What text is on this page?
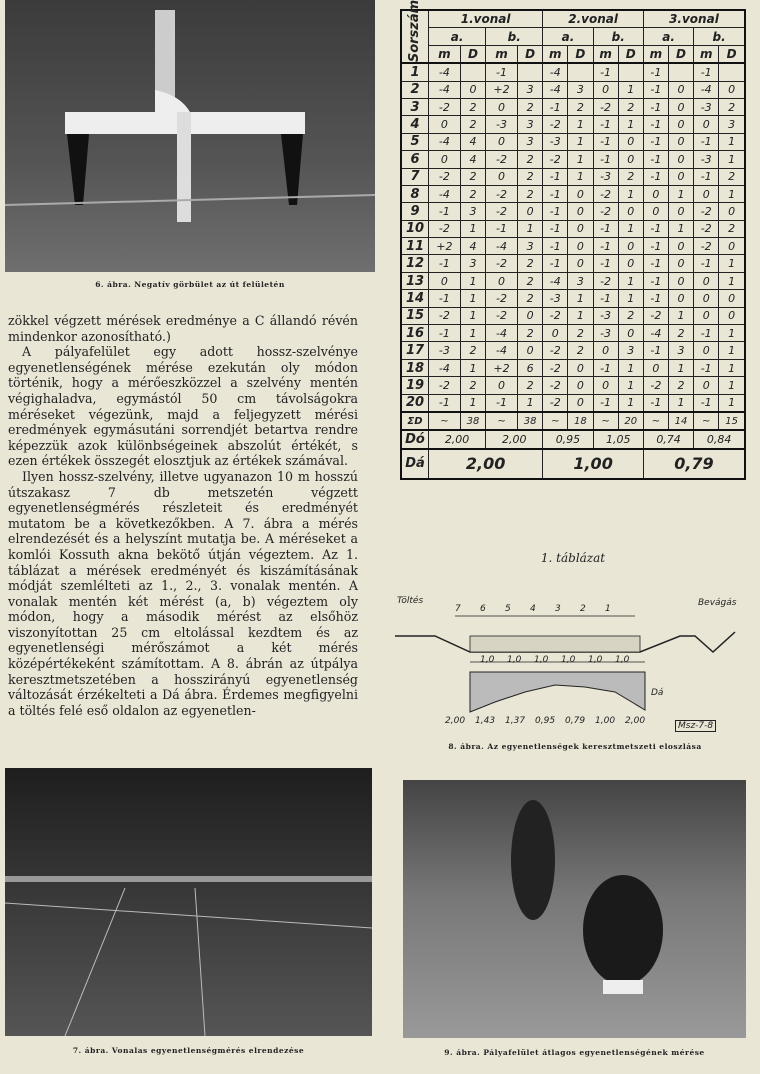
6. ábra. Negatív görbület az út felületén

zökkel végzett mérések eredménye a C állandó révén mindenkor azonosítható.)

A pályafelület egy adott hossz-szelvénye egyenetlenségének mérése ezekután oly módon történik, hogy a mérőeszközzel a szelvény mentén végighaladva, egymástól 50 cm távolságokra méréseket végezünk, majd a feljegyzett mérési eredmények egymásutáni sorrendjét betartva rendre képezzük azok különbségeinek abszolút értékét, s ezen értékek összegét elosztjuk az értékek számával.

Ilyen hossz-szelvény, illetve ugyanazon 10 m hosszú útszakasz 7 db metszetén végzett egyenetlenségmérés részleteit és eredményét mutatom be a következőkben. A 7. ábra a mérés elrendezését és a helyszínt mutatja be. A méréseket a komlói Kossuth akna bekötő útján végeztem. Az 1. táblázat a mérések eredményét és kiszámításának módját szemlélteti az 1., 2., 3. vonalak mentén. A vonalak mentén két mérést (a, b) végeztem oly módon, hogy a második mérést az elsőhöz viszonyítottan 25 cm eltolással kezdtem és az egyenetlenségi mérőszámot a két mérés középértékeként számítottam. A 8. ábrán az útpálya keresztmetszetében a hosszirányú egyenetlenség változását érzékelteti a Dá ábra. Érdemes megfigyelni a töltés felé eső oldalon az egyenetlen-

Sorszám	1.vonal				2.vonal				3.vonal			
	a.		b.		a.		b.		a.		b.	
	m	D	m	D	m	D	m	D	m	D	m	D
1	-4		-1		-4		-1		-1		-1	
2	-4	0	+2	3	-4	3	0	1	-1	0	-4	0
3	-2	2	0	2	-1	2	-2	2	-1	0	-3	2
4	0	2	-3	3	-2	1	-1	1	-1	0	0	3
5	-4	4	0	3	-3	1	-1	0	-1	0	-1	1
6	0	4	-2	2	-2	1	-1	0	-1	0	-3	1
7	-2	2	0	2	-1	1	-3	2	-1	0	-1	2
8	-4	2	-2	2	-1	0	-2	1	0	1	0	1
9	-1	3	-2	0	-1	0	-2	0	0	0	-2	0
10	-2	1	-1	1	-1	0	-1	1	-1	1	-2	2
11	+2	4	-4	3	-1	0	-1	0	-1	0	-2	0
12	-1	3	-2	2	-1	0	-1	0	-1	0	-1	1
13	0	1	0	2	-4	3	-2	1	-1	0	0	1
14	-1	1	-2	2	-3	1	-1	1	-1	0	0	0
15	-2	1	-2	0	-2	1	-3	2	-2	1	0	0
16	-1	1	-4	2	0	2	-3	0	-4	2	-1	1
17	-3	2	-4	0	-2	2	0	3	-1	3	0	1
18	-4	1	+2	6	-2	0	-1	1	0	1	-1	1
19	-2	2	0	2	-2	0	0	1	-2	2	0	1
20	-1	1	-1	1	-2	0	-1	1	-1	1	-1	1
ΣD	~	38	~	38	~	18	~	20	~	14	~	15
Dó	2,00		2,00		0,95		1,05		0,74		0,84	
Dá	2,00				1,00				0,79			
1. táblázat
Töltés	Bevágás
7 6 5 4 3 2 1
1,0 1,0 1,0 1,0 1,0 1,0
2,00 1,43 1,37 0,95 0,79 1,00 2,00
Dá
Msz-7-8
8. ábra. Az egyenetlenségek keresztmetszeti eloszlása
7. ábra. Vonalas egyenetlenségmérés elrendezése	9. ábra. Pályafelület átlagos egyenetlenségének mérése
